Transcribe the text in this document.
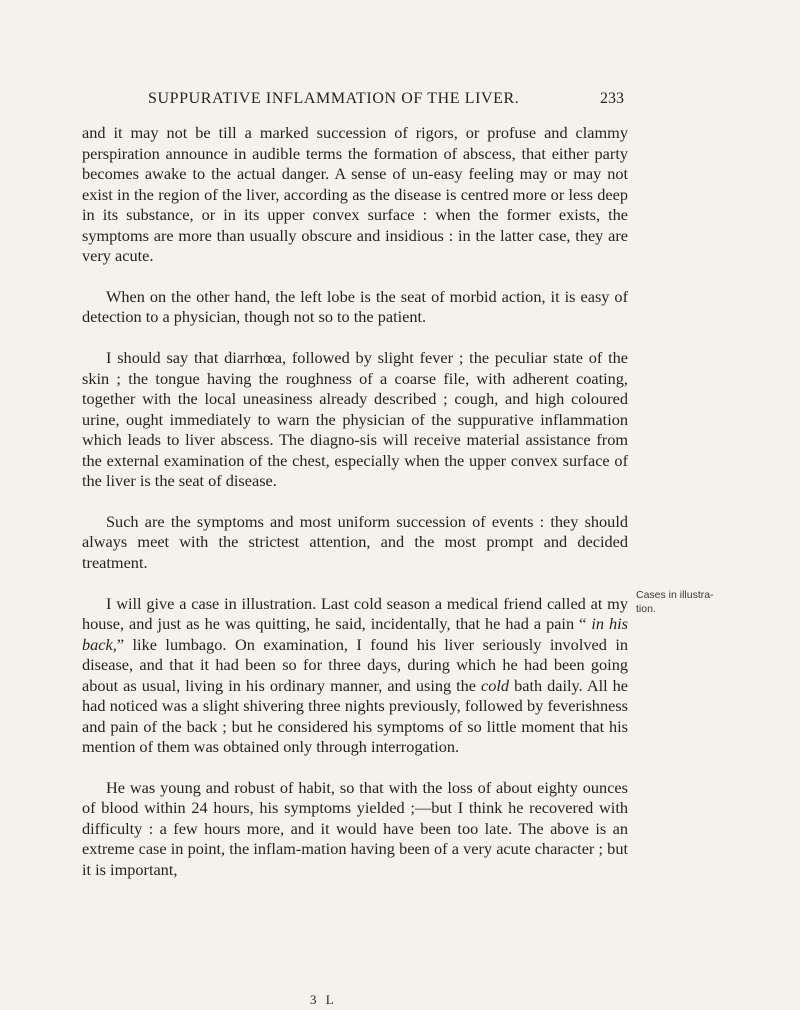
SUPPURATIVE INFLAMMATION OF THE LIVER.	233

and it may not be till a marked succession of rigors, or profuse and clammy perspiration announce in audible terms the formation of abscess, that either party becomes awake to the actual danger. A sense of un-easy feeling may or may not exist in the region of the liver, according as the disease is centred more or less deep in its substance, or in its upper convex surface : when the former exists, the symptoms are more than usually obscure and insidious : in the latter case, they are very acute.

When on the other hand, the left lobe is the seat of morbid action, it is easy of detection to a physician, though not so to the patient.

I should say that diarrhœa, followed by slight fever ; the peculiar state of the skin ; the tongue having the roughness of a coarse file, with adherent coating, together with the local uneasiness already described ; cough, and high coloured urine, ought immediately to warn the physician of the suppurative inflammation which leads to liver abscess. The diagno-sis will receive material assistance from the external examination of the chest, especially when the upper convex surface of the liver is the seat of disease.

Such are the symptoms and most uniform succession of events : they should always meet with the strictest attention, and the most prompt and decided treatment.

I will give a case in illustration. Last cold season a medical friend called at my house, and just as he was quitting, he said, incidentally, that he had a pain “ in his back,” like lumbago. On examination, I found his liver seriously involved in disease, and that it had been so for three days, during which he had been going about as usual, living in his ordinary manner, and using the cold bath daily. All he had noticed was a slight shivering three nights previously, followed by feverishness and pain of the back ; but he considered his symptoms of so little moment that his mention of them was obtained only through interrogation.

He was young and robust of habit, so that with the loss of about eighty ounces of blood within 24 hours, his symptoms yielded ;—but I think he recovered with difficulty : a few hours more, and it would have been too late. The above is an extreme case in point, the inflam-mation having been of a very acute character ; but it is important,

Cases in illustra-
tion.
3 L
